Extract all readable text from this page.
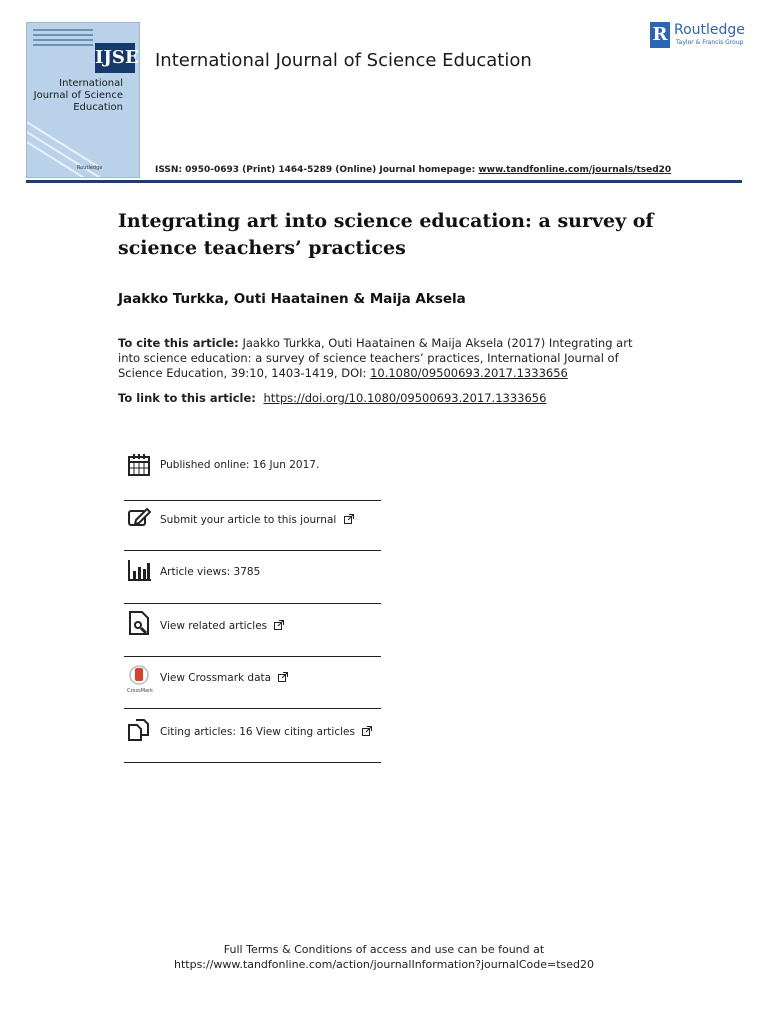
IJSE
International Journal of Science Education
Routledge
International Journal of Science Education
R Routledge
Taylor & Francis Group
ISSN: 0950-0693 (Print) 1464-5289 (Online) Journal homepage: www.tandfonline.com/journals/tsed20
Integrating art into science education: a survey of science teachers’ practices
Jaakko Turkka, Outi Haatainen & Maija Aksela
To cite this article: Jaakko Turkka, Outi Haatainen & Maija Aksela (2017) Integrating art into science education: a survey of science teachers’ practices, International Journal of Science Education, 39:10, 1403-1419, DOI: 10.1080/09500693.2017.1333656
To link to this article: https://doi.org/10.1080/09500693.2017.1333656
Published online: 16 Jun 2017.
Submit your article to this journal
Article views: 3785
View related articles
CrossMark
View Crossmark data
Citing articles: 16 View citing articles
Full Terms & Conditions of access and use can be found at
https://www.tandfonline.com/action/journalInformation?journalCode=tsed20
